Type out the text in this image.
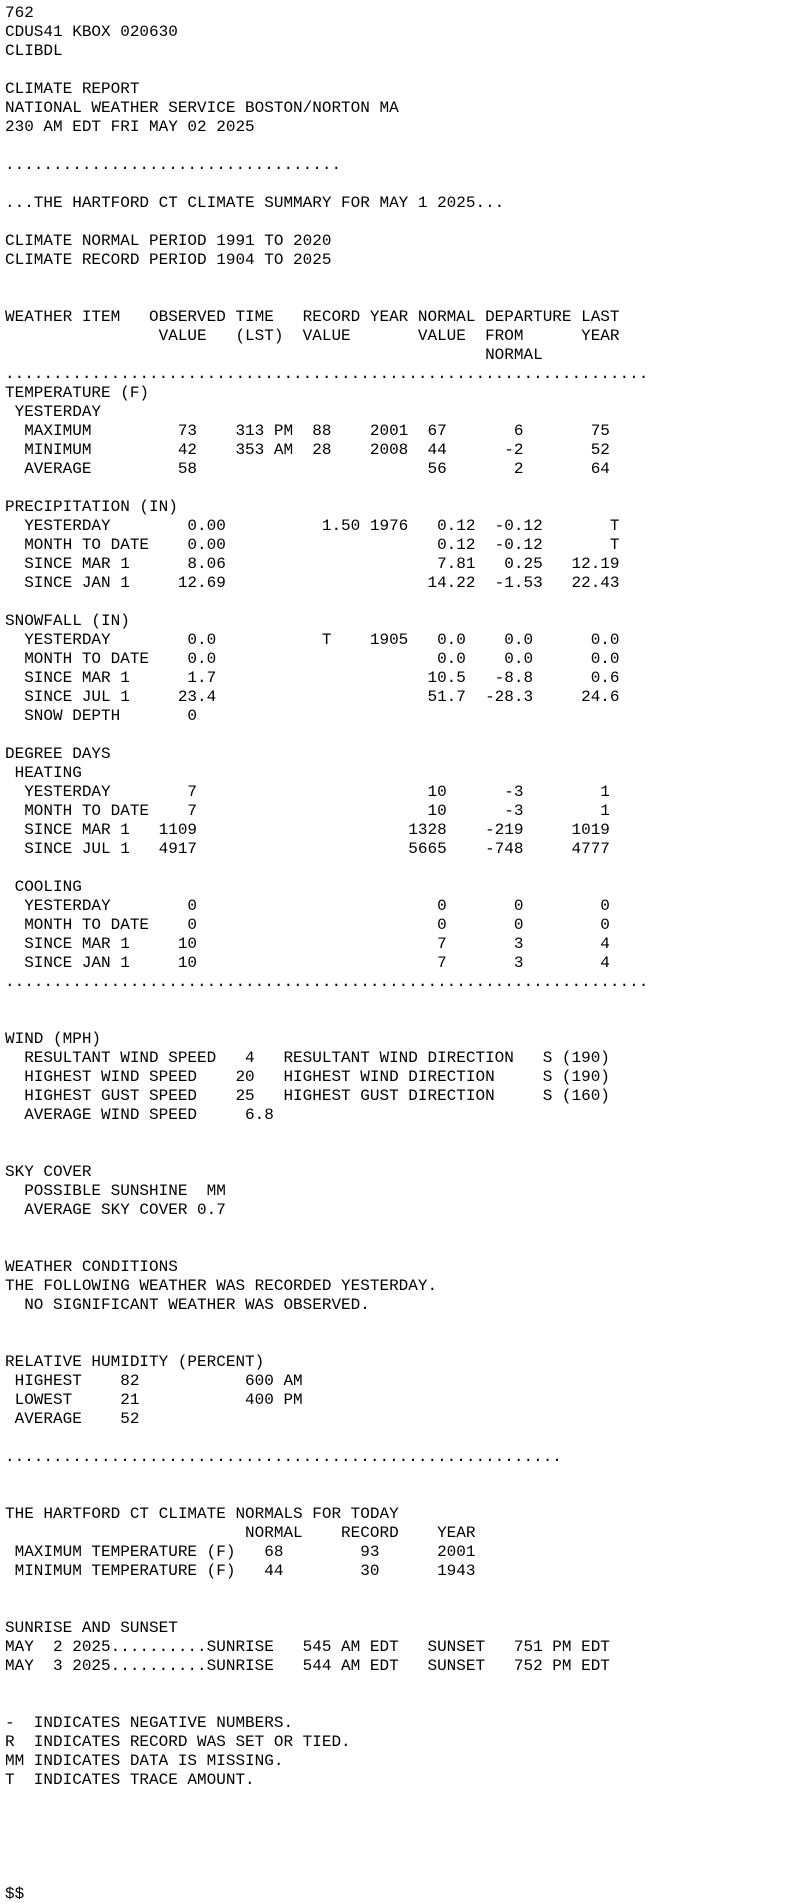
762
CDUS41 KBOX 020630
CLIBDL
CLIMATE REPORT
NATIONAL WEATHER SERVICE BOSTON/NORTON MA
230 AM EDT FRI MAY 02 2025
...................................
...THE HARTFORD CT CLIMATE SUMMARY FOR MAY 1 2025...
CLIMATE NORMAL PERIOD 1991 TO 2020
CLIMATE RECORD PERIOD 1904 TO 2025
WEATHER ITEM   OBSERVED TIME   RECORD YEAR NORMAL DEPARTURE LAST
VALUE   (LST)  VALUE       VALUE  FROM      YEAR
NORMAL
...................................................................
TEMPERATURE (F)
YESTERDAY
MAXIMUM         73    313 PM  88    2001  67       6       75
MINIMUM         42    353 AM  28    2008  44      -2       52
AVERAGE         58                        56       2       64
PRECIPITATION (IN)
YESTERDAY        0.00          1.50 1976   0.12  -0.12       T
MONTH TO DATE    0.00                      0.12  -0.12       T
SINCE MAR 1      8.06                      7.81   0.25   12.19
SINCE JAN 1     12.69                     14.22  -1.53   22.43
SNOWFALL (IN)
YESTERDAY        0.0           T    1905   0.0    0.0      0.0
MONTH TO DATE    0.0                       0.0    0.0      0.0
SINCE MAR 1      1.7                      10.5   -8.8      0.6
SINCE JUL 1     23.4                      51.7  -28.3     24.6
SNOW DEPTH       0
DEGREE DAYS
HEATING
YESTERDAY        7                        10      -3        1
MONTH TO DATE    7                        10      -3        1
SINCE MAR 1   1109                      1328    -219     1019
SINCE JUL 1   4917                      5665    -748     4777
COOLING
YESTERDAY        0                         0       0        0
MONTH TO DATE    0                         0       0        0
SINCE MAR 1     10                         7       3        4
SINCE JAN 1     10                         7       3        4
...................................................................
WIND (MPH)
RESULTANT WIND SPEED   4   RESULTANT WIND DIRECTION   S (190)
HIGHEST WIND SPEED    20   HIGHEST WIND DIRECTION     S (190)
HIGHEST GUST SPEED    25   HIGHEST GUST DIRECTION     S (160)
AVERAGE WIND SPEED     6.8
SKY COVER
POSSIBLE SUNSHINE  MM
AVERAGE SKY COVER 0.7
WEATHER CONDITIONS
THE FOLLOWING WEATHER WAS RECORDED YESTERDAY.
NO SIGNIFICANT WEATHER WAS OBSERVED.
RELATIVE HUMIDITY (PERCENT)
HIGHEST    82           600 AM
LOWEST     21           400 PM
AVERAGE    52
..........................................................
THE HARTFORD CT CLIMATE NORMALS FOR TODAY
NORMAL    RECORD    YEAR
MAXIMUM TEMPERATURE (F)   68        93      2001
MINIMUM TEMPERATURE (F)   44        30      1943
SUNRISE AND SUNSET
MAY  2 2025..........SUNRISE   545 AM EDT   SUNSET   751 PM EDT
MAY  3 2025..........SUNRISE   544 AM EDT   SUNSET   752 PM EDT
-  INDICATES NEGATIVE NUMBERS.
R  INDICATES RECORD WAS SET OR TIED.
MM INDICATES DATA IS MISSING.
T  INDICATES TRACE AMOUNT.
$$
